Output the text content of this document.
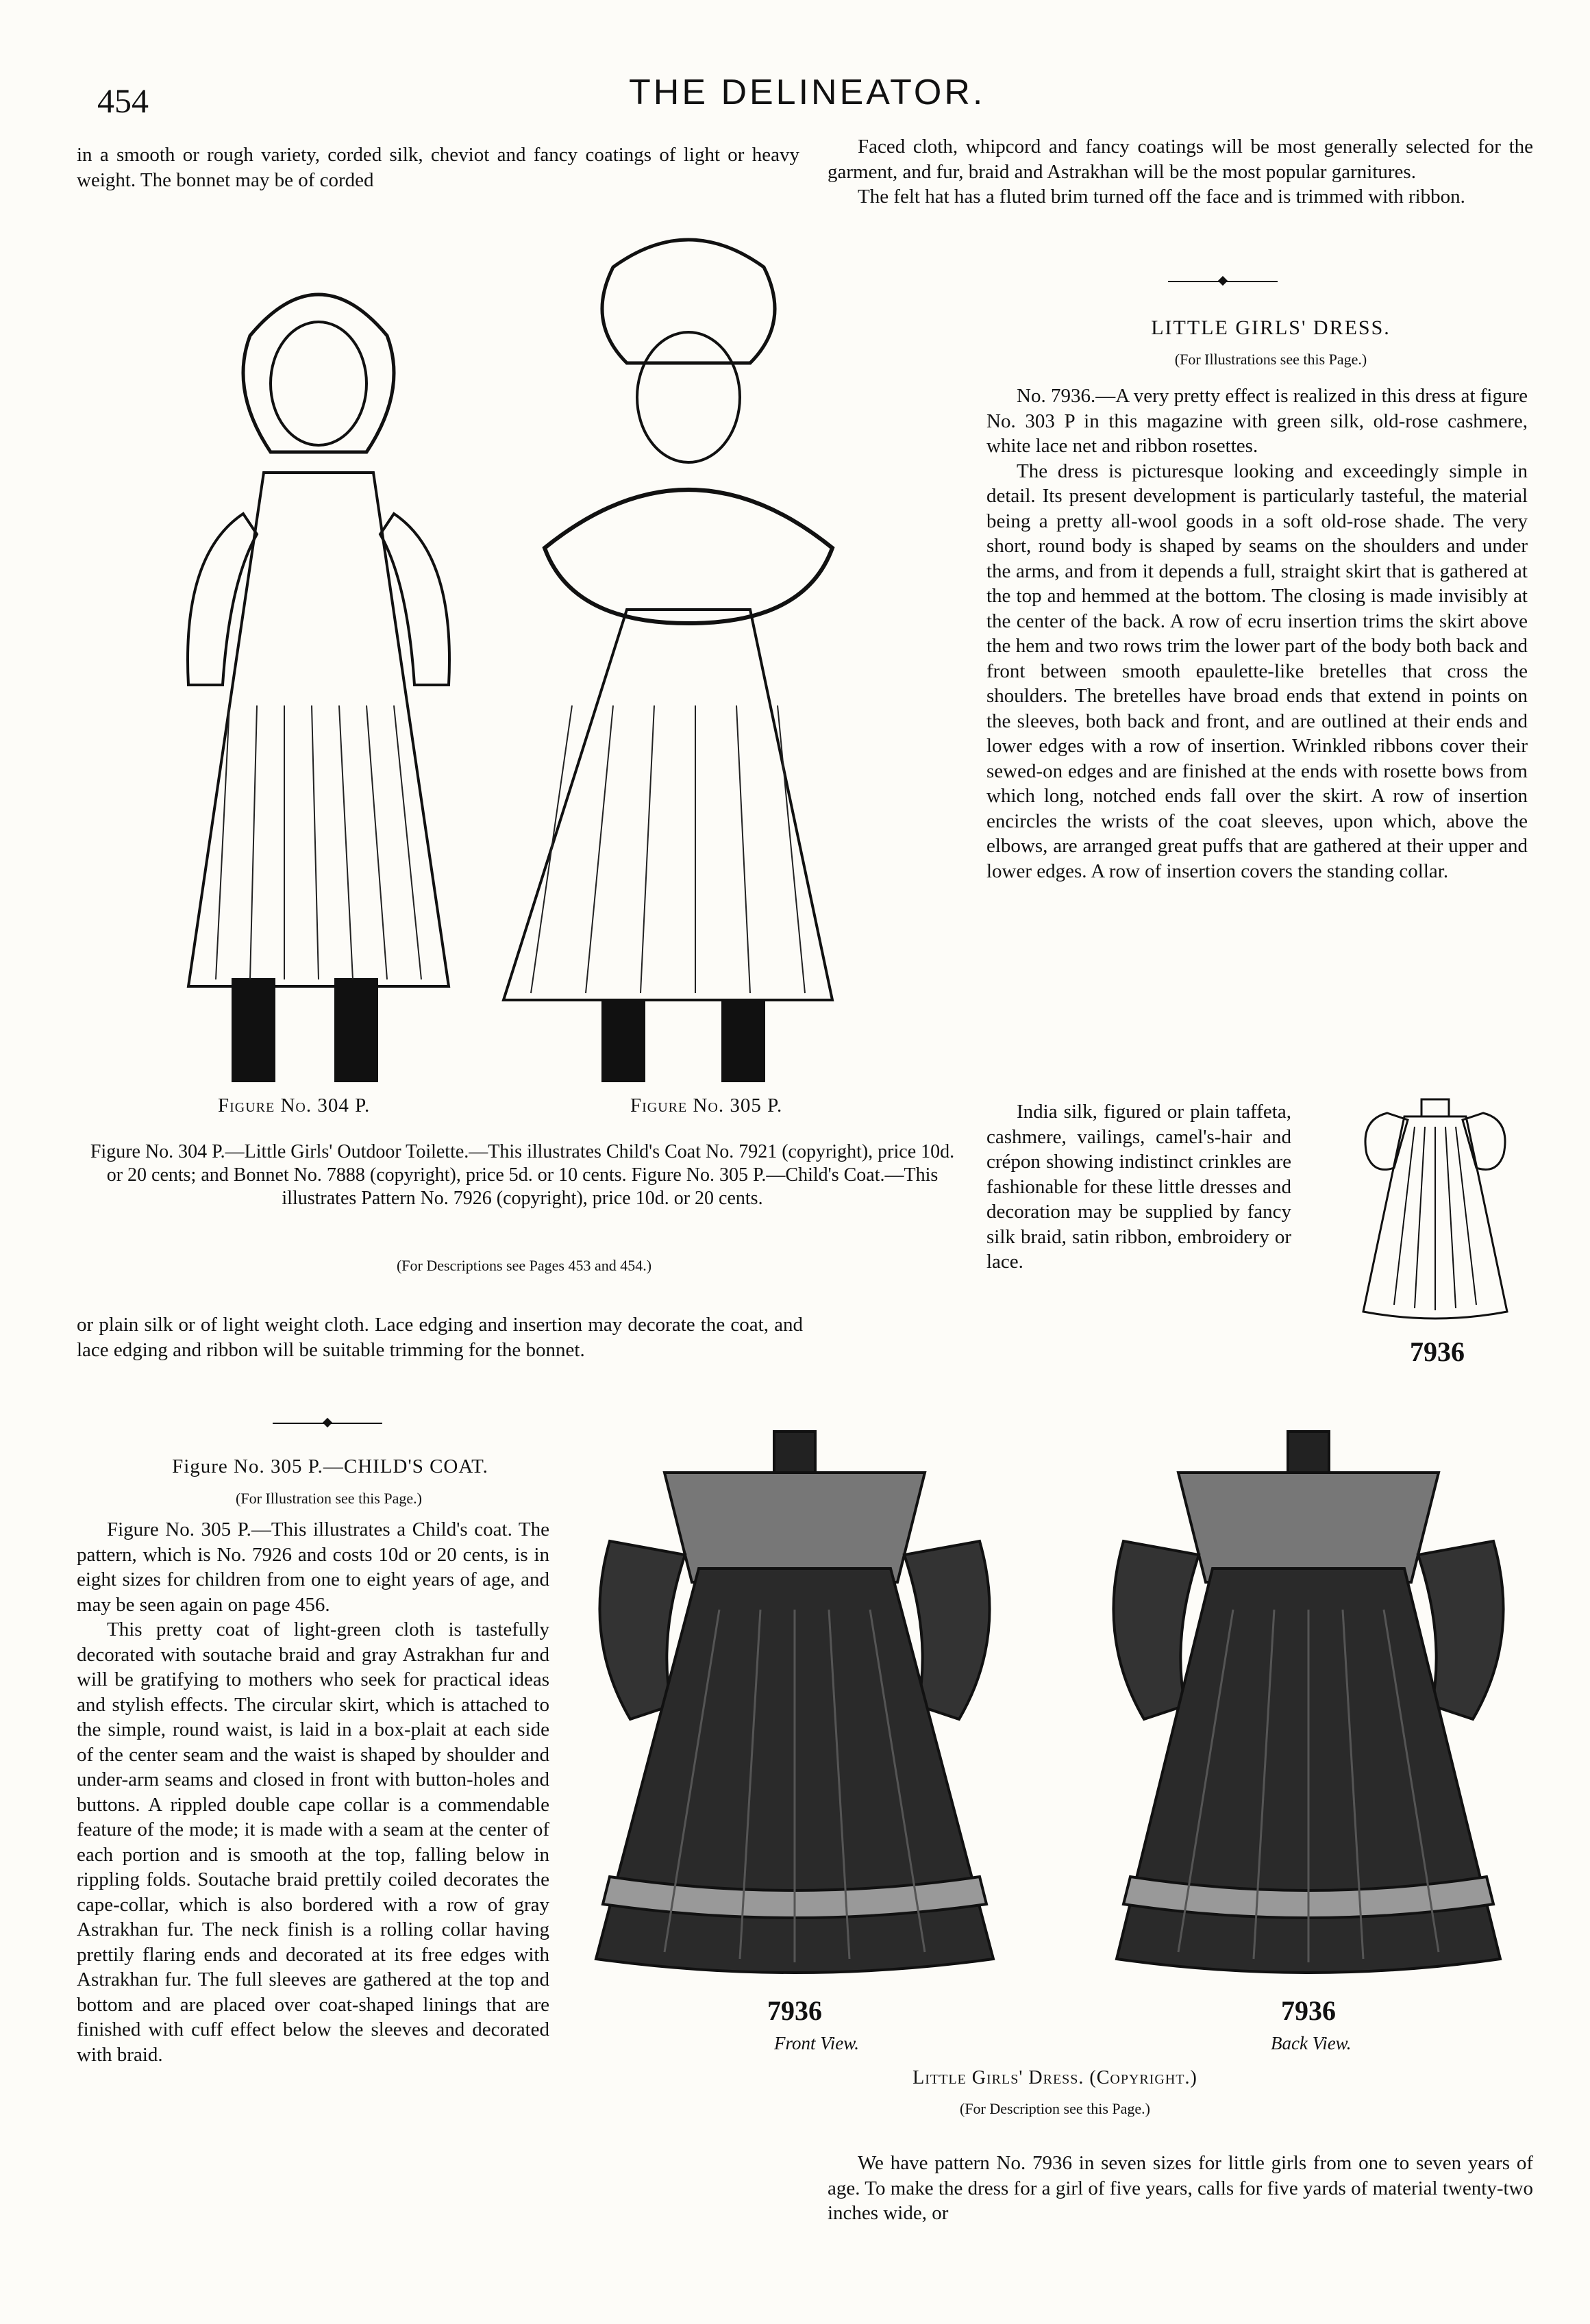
454	THE DELINEATOR.

in a smooth or rough variety, corded silk, cheviot and fancy coatings of light or heavy weight. The bonnet may be of corded

Faced cloth, whipcord and fancy coatings will be most generally selected for the garment, and fur, braid and Astrakhan will be the most popular garnitures.

The felt hat has a fluted brim turned off the face and is trimmed with ribbon.

LITTLE GIRLS' DRESS.
(For Illustrations see this Page.)

No. 7936.—A very pretty effect is realized in this dress at figure No. 303 P in this magazine with green silk, old-rose cashmere, white lace net and ribbon rosettes.

The dress is picturesque looking and exceedingly simple in detail. Its present development is particularly tasteful, the material being a pretty all-wool goods in a soft old-rose shade. The very short, round body is shaped by seams on the shoulders and under the arms, and from it depends a full, straight skirt that is gathered at the top and hemmed at the bottom. The closing is made invisibly at the center of the back. A row of ecru insertion trims the skirt above the hem and two rows trim the lower part of the body both back and front between smooth epaulette-like bretelles that cross the shoulders. The bretelles have broad ends that extend in points on the sleeves, both back and front, and are outlined at their ends and lower edges with a row of insertion. Wrinkled ribbons cover their sewed-on edges and are finished at the ends with rosette bows from which long, notched ends fall over the skirt. A row of insertion encircles the wrists of the coat sleeves, upon which, above the elbows, are arranged great puffs that are gathered at their upper and lower edges. A row of insertion covers the standing collar.

India silk, figured or plain taffeta, cashmere, vailings, camel's-hair and crépon showing indistinct crinkles are fashionable for these little dresses and decoration may be supplied by fancy silk braid, satin ribbon, embroidery or lace.

7936
Figure No. 304 P.	Figure No. 305 P.
Figure No. 304 P.—Little Girls' Outdoor Toilette.—This illustrates Child's Coat No. 7921 (copyright), price 10d. or 20 cents; and Bonnet No. 7888 (copyright), price 5d. or 10 cents. Figure No. 305 P.—Child's Coat.—This illustrates Pattern No. 7926 (copyright), price 10d. or 20 cents.
(For Descriptions see Pages 453 and 454.)

or plain silk or of light weight cloth. Lace edging and insertion may decorate the coat, and lace edging and ribbon will be suitable trimming for the bonnet.

Figure No. 305 P.—CHILD'S COAT.
(For Illustration see this Page.)

Figure No. 305 P.—This illustrates a Child's coat. The pattern, which is No. 7926 and costs 10d or 20 cents, is in eight sizes for children from one to eight years of age, and may be seen again on page 456.

This pretty coat of light-green cloth is tastefully decorated with soutache braid and gray Astrakhan fur and will be gratifying to mothers who seek for practical ideas and stylish effects. The circular skirt, which is attached to the simple, round waist, is laid in a box-plait at each side of the center seam and the waist is shaped by shoulder and under-arm seams and closed in front with button-holes and buttons. A rippled double cape collar is a commendable feature of the mode; it is made with a seam at the center of each portion and is smooth at the top, falling below in rippling folds. Soutache braid prettily coiled decorates the cape-collar, which is also bordered with a row of gray Astrakhan fur. The neck finish is a rolling collar having prettily flaring ends and decorated at its free edges with Astrakhan fur. The full sleeves are gathered at the top and bottom and are placed over coat-shaped linings that are finished with cuff effect below the sleeves and decorated with braid.

7936
Front View.
7936
Back View.
Little Girls' Dress. (Copyright.)
(For Description see this Page.)

We have pattern No. 7936 in seven sizes for little girls from one to seven years of age. To make the dress for a girl of five years, calls for five yards of material twenty-two inches wide, or
